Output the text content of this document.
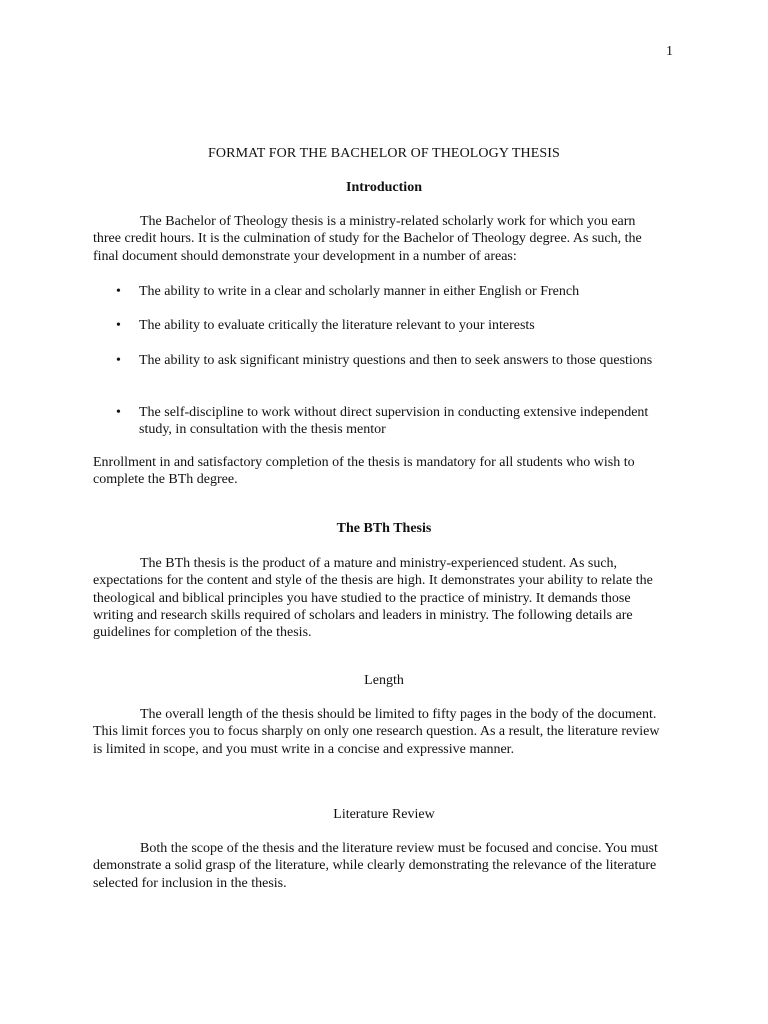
1
FORMAT FOR THE BACHELOR OF THEOLOGY THESIS
Introduction
The Bachelor of Theology thesis is a ministry-related scholarly work for which you earn three credit hours. It is the culmination of study for the Bachelor of Theology degree. As such, the final document should demonstrate your development in a number of areas:
• The ability to write in a clear and scholarly manner in either English or French
• The ability to evaluate critically the literature relevant to your interests
• The ability to ask significant ministry questions and then to seek answers to those questions
• The self-discipline to work without direct supervision in conducting extensive independent study, in consultation with the thesis mentor
Enrollment in and satisfactory completion of the thesis is mandatory for all students who wish to complete the BTh degree.
The BTh Thesis
The BTh thesis is the product of a mature and ministry-experienced student. As such, expectations for the content and style of the thesis are high. It demonstrates your ability to relate the theological and biblical principles you have studied to the practice of ministry. It demands those writing and research skills required of scholars and leaders in ministry. The following details are guidelines for completion of the thesis.
Length
The overall length of the thesis should be limited to fifty pages in the body of the document. This limit forces you to focus sharply on only one research question. As a result, the literature review is limited in scope, and you must write in a concise and expressive manner.
Literature Review
Both the scope of the thesis and the literature review must be focused and concise. You must demonstrate a solid grasp of the literature, while clearly demonstrating the relevance of the literature selected for inclusion in the thesis.
